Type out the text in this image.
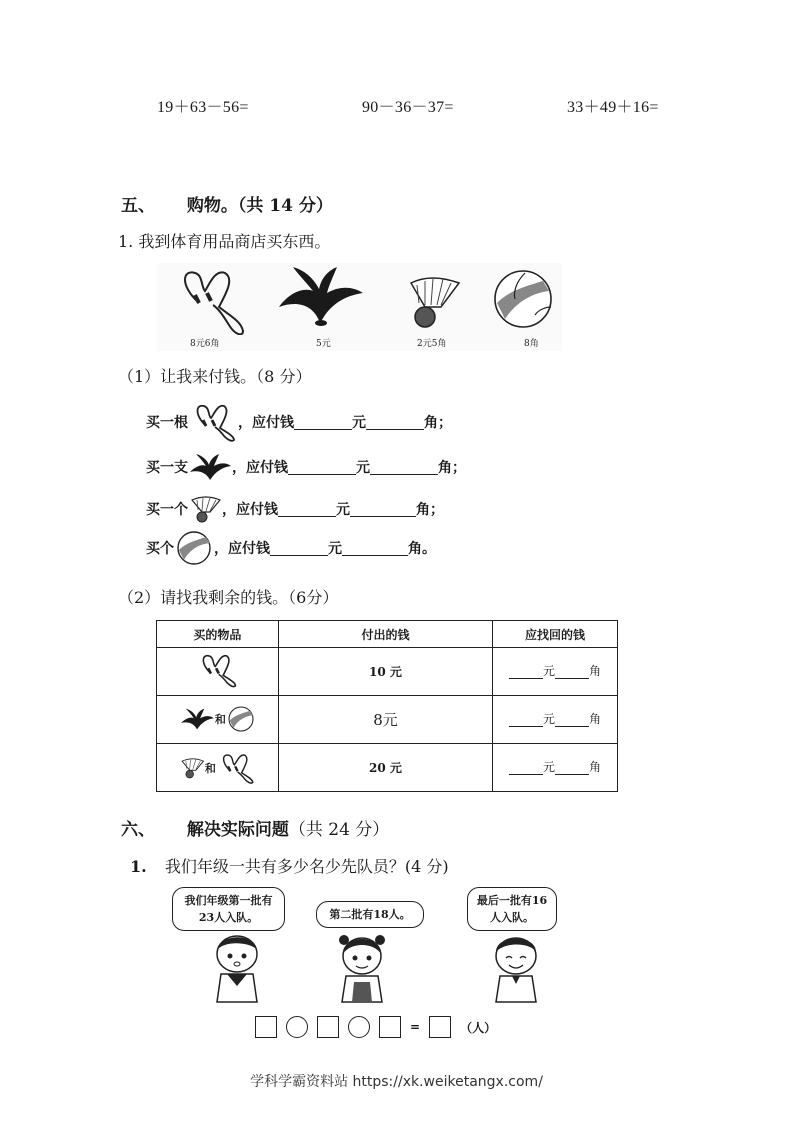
19＋63－56=	90－36－37=	33＋49＋16=
五、 购物。（共 14 分）
1. 我到体育用品商店买东西。
8元6角	5元	2元5角	8角
（1）让我来付钱。（8 分）
买一根	，应付钱	元	角；
买一支	，应付钱	元	角；
买一个 ，应付钱	元	角；
买个	，应付钱	元	角。
（2）请找我剩余的钱。（6分）
买的物品	付出的钱	应找回的钱
	10 元	元 角

和	8元	元 角

和	20 元	元 角
六、 解决实际问题（共 24 分）
1. 我们年级一共有多少名少先队员？(4 分)
我们年级第一批有23人入队。	第二批有18人。
最后一批有16人入队。
=	（人）
学科学霸资料站 https://xk.weiketangx.com/
